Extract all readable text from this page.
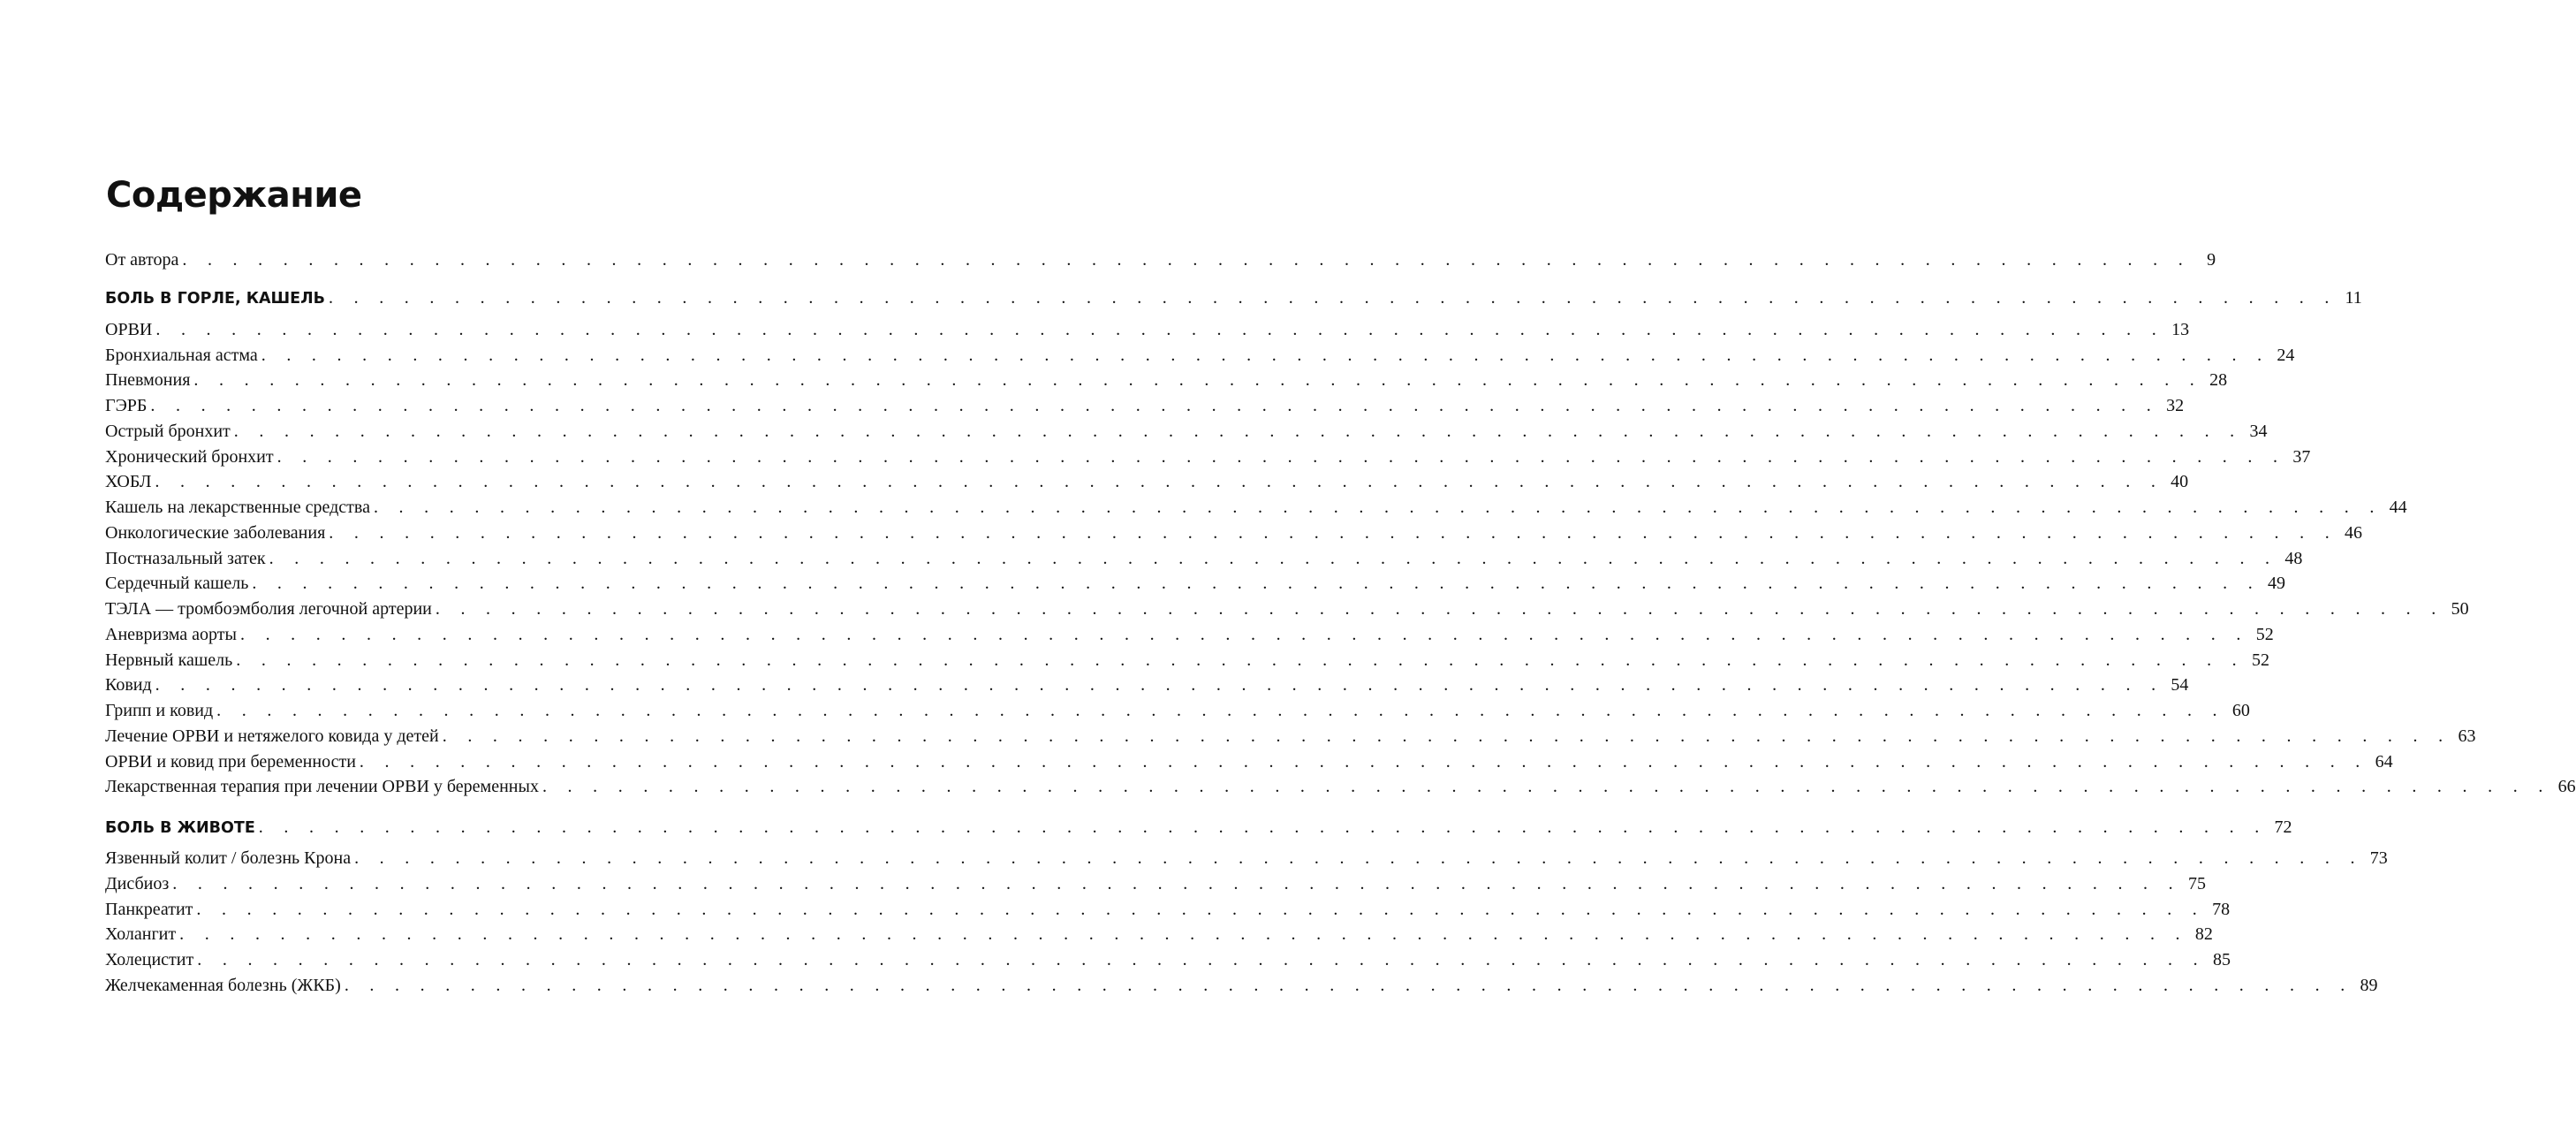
Содержание
От автора . . . . . . . . . . . . . . . . . . . . . . . . . . . . . . . . . . . . . . . . . . . . . . . . . . . . . . . . . . . . . . . . . . . . . . . . . . . . . . . . 9
БОЛЬ В ГОРЛЕ, КАШЕЛЬ . . . . . . . . . . . . . . . . . . . . . . . . . . . . . . . . . . . . . . . . . . . . . . . . . . . . . . . . . . . . . . . . . . . . . . . . . . . . . . . . 11
ОРВИ . . . . . . . . . . . . . . . . . . . . . . . . . . . . . . . . . . . . . . . . . . . . . . . . . . . . . . . . . . . . . . . . . . . . . . . . . . . . . . . . 13
Бронхиальная астма . . . . . . . . . . . . . . . . . . . . . . . . . . . . . . . . . . . . . . . . . . . . . . . . . . . . . . . . . . . . . . . . . . . . . . . . . . . . . . . . 24
Пневмония . . . . . . . . . . . . . . . . . . . . . . . . . . . . . . . . . . . . . . . . . . . . . . . . . . . . . . . . . . . . . . . . . . . . . . . . . . . . . . . . 28
ГЭРБ . . . . . . . . . . . . . . . . . . . . . . . . . . . . . . . . . . . . . . . . . . . . . . . . . . . . . . . . . . . . . . . . . . . . . . . . . . . . . . . . 32
Острый бронхит . . . . . . . . . . . . . . . . . . . . . . . . . . . . . . . . . . . . . . . . . . . . . . . . . . . . . . . . . . . . . . . . . . . . . . . . . . . . . . . . 34
Хронический бронхит . . . . . . . . . . . . . . . . . . . . . . . . . . . . . . . . . . . . . . . . . . . . . . . . . . . . . . . . . . . . . . . . . . . . . . . . . . . . . . . . 37
ХОБЛ . . . . . . . . . . . . . . . . . . . . . . . . . . . . . . . . . . . . . . . . . . . . . . . . . . . . . . . . . . . . . . . . . . . . . . . . . . . . . . . . 40
Кашель на лекарственные средства . . . . . . . . . . . . . . . . . . . . . . . . . . . . . . . . . . . . . . . . . . . . . . . . . . . . . . . . . . . . . . . . . . . . . . . . . . . . . . . . 44
Онкологические заболевания . . . . . . . . . . . . . . . . . . . . . . . . . . . . . . . . . . . . . . . . . . . . . . . . . . . . . . . . . . . . . . . . . . . . . . . . . . . . . . . . 46
Постназальный затек . . . . . . . . . . . . . . . . . . . . . . . . . . . . . . . . . . . . . . . . . . . . . . . . . . . . . . . . . . . . . . . . . . . . . . . . . . . . . . . . 48
Сердечный кашель . . . . . . . . . . . . . . . . . . . . . . . . . . . . . . . . . . . . . . . . . . . . . . . . . . . . . . . . . . . . . . . . . . . . . . . . . . . . . . . . 49
ТЭЛА — тромбоэмболия легочной артерии . . . . . . . . . . . . . . . . . . . . . . . . . . . . . . . . . . . . . . . . . . . . . . . . . . . . . . . . . . . . . . . . . . . . . . . . . . . . . . . . 50
Аневризма аорты . . . . . . . . . . . . . . . . . . . . . . . . . . . . . . . . . . . . . . . . . . . . . . . . . . . . . . . . . . . . . . . . . . . . . . . . . . . . . . . . 52
Нервный кашель . . . . . . . . . . . . . . . . . . . . . . . . . . . . . . . . . . . . . . . . . . . . . . . . . . . . . . . . . . . . . . . . . . . . . . . . . . . . . . . . 52
Ковид . . . . . . . . . . . . . . . . . . . . . . . . . . . . . . . . . . . . . . . . . . . . . . . . . . . . . . . . . . . . . . . . . . . . . . . . . . . . . . . . 54
Грипп и ковид . . . . . . . . . . . . . . . . . . . . . . . . . . . . . . . . . . . . . . . . . . . . . . . . . . . . . . . . . . . . . . . . . . . . . . . . . . . . . . . . 60
Лечение ОРВИ и нетяжелого ковида у детей . . . . . . . . . . . . . . . . . . . . . . . . . . . . . . . . . . . . . . . . . . . . . . . . . . . . . . . . . . . . . . . . . . . . . . . . . . . . . . . . 63
ОРВИ и ковид при беременности . . . . . . . . . . . . . . . . . . . . . . . . . . . . . . . . . . . . . . . . . . . . . . . . . . . . . . . . . . . . . . . . . . . . . . . . . . . . . . . . 64
Лекарственная терапия при лечении ОРВИ у беременных . . . . . . . . . . . . . . . . . . . . . . . . . . . . . . . . . . . . . . . . . . . . . . . . . . . . . . . . . . . . . . . . . . . . . . . . . . . . . . . . 66
БОЛЬ В ЖИВОТЕ . . . . . . . . . . . . . . . . . . . . . . . . . . . . . . . . . . . . . . . . . . . . . . . . . . . . . . . . . . . . . . . . . . . . . . . . . . . . . . . . 72
Язвенный колит / болезнь Крона . . . . . . . . . . . . . . . . . . . . . . . . . . . . . . . . . . . . . . . . . . . . . . . . . . . . . . . . . . . . . . . . . . . . . . . . . . . . . . . . 73
Дисбиоз . . . . . . . . . . . . . . . . . . . . . . . . . . . . . . . . . . . . . . . . . . . . . . . . . . . . . . . . . . . . . . . . . . . . . . . . . . . . . . . . 75
Панкреатит . . . . . . . . . . . . . . . . . . . . . . . . . . . . . . . . . . . . . . . . . . . . . . . . . . . . . . . . . . . . . . . . . . . . . . . . . . . . . . . . 78
Холангит . . . . . . . . . . . . . . . . . . . . . . . . . . . . . . . . . . . . . . . . . . . . . . . . . . . . . . . . . . . . . . . . . . . . . . . . . . . . . . . . 82
Холецистит . . . . . . . . . . . . . . . . . . . . . . . . . . . . . . . . . . . . . . . . . . . . . . . . . . . . . . . . . . . . . . . . . . . . . . . . . . . . . . . . 85
Желчекаменная болезнь (ЖКБ) . . . . . . . . . . . . . . . . . . . . . . . . . . . . . . . . . . . . . . . . . . . . . . . . . . . . . . . . . . . . . . . . . . . . . . . . . . . . . . . . 89
